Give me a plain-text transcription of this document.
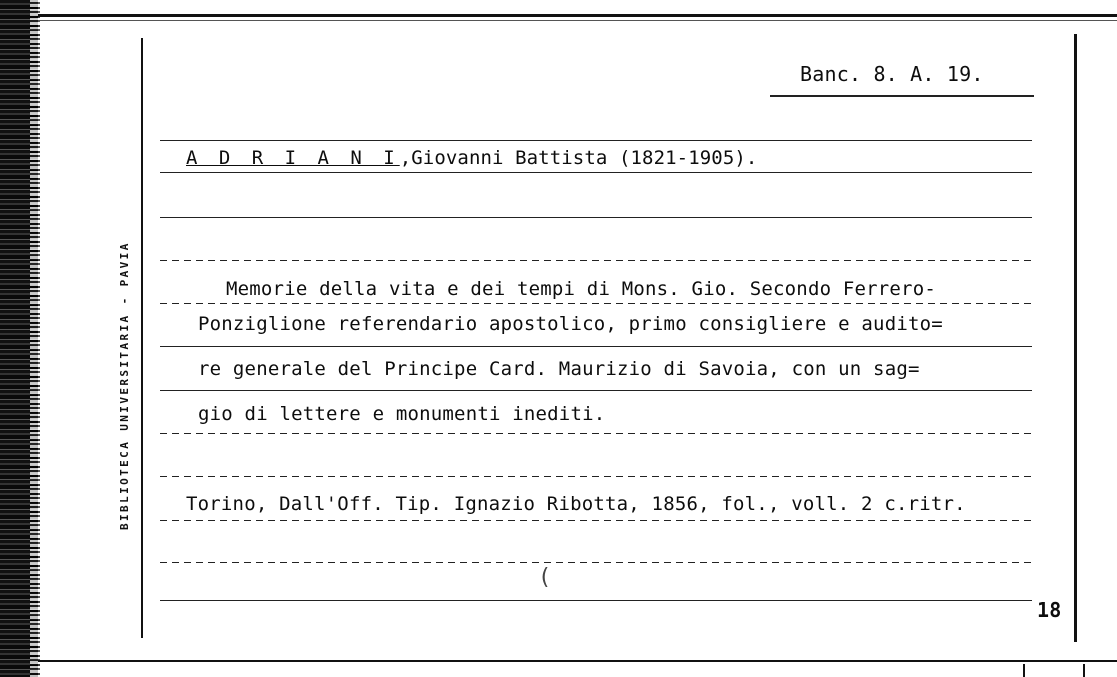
BIBLIOTECA UNIVERSITARIA - PAVIA
Banc. 8. A. 19.
A D R I A N I,Giovanni Battista (1821-1905).
Memorie della vita e dei tempi di Mons. Gio. Secondo Ferrero-
Ponziglione referendario apostolico, primo consigliere e audito=
re generale del Principe Card. Maurizio di Savoia, con un sag=
gio di lettere e monumenti inediti.
Torino, Dall'Off. Tip. Ignazio Ribotta, 1856, fol., voll. 2 c.ritr.
(
18
